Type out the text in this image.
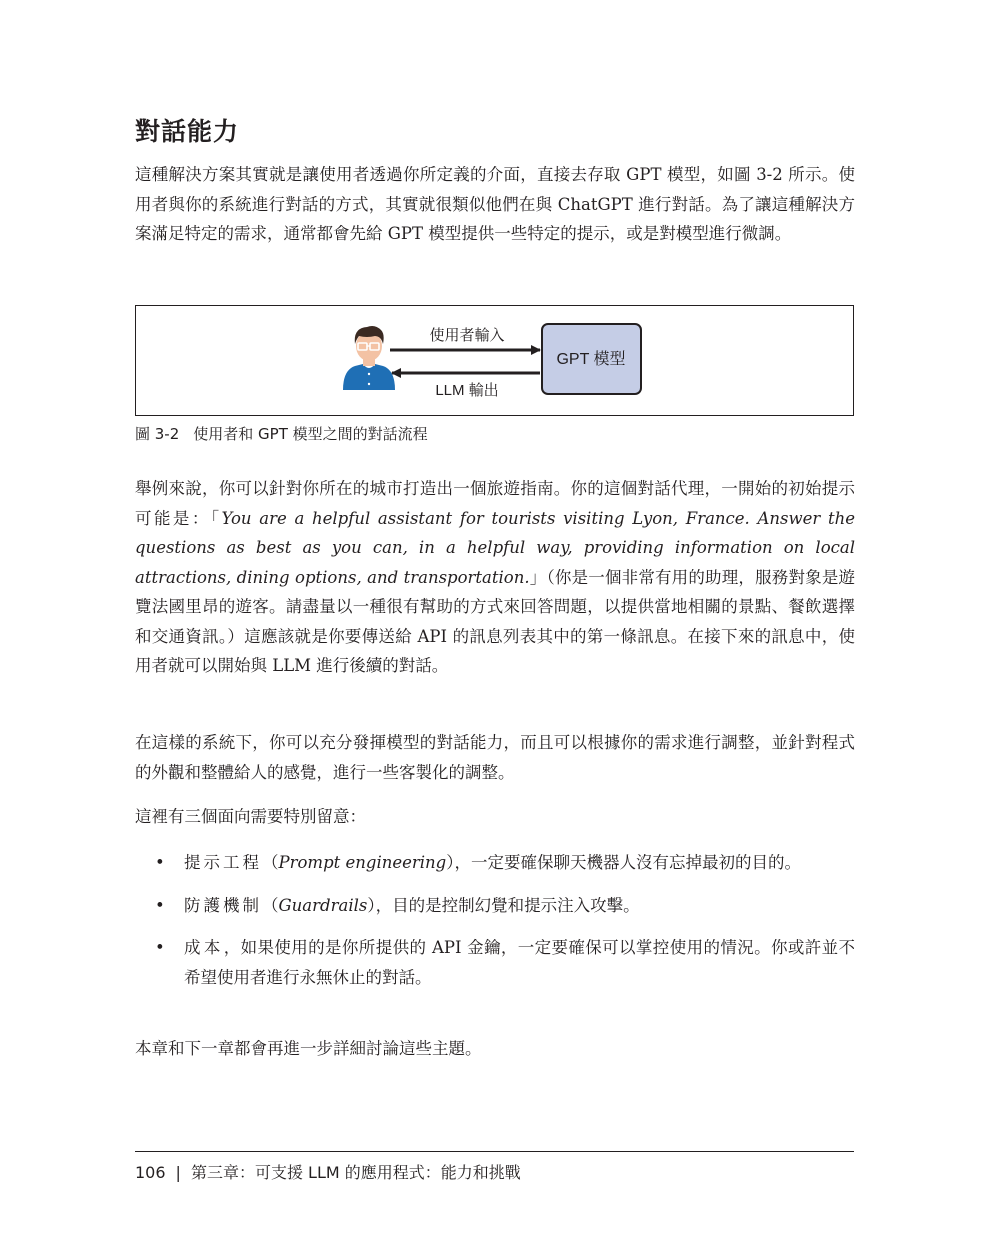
對話能力

這種解決方案其實就是讓使用者透過你所定義的介面，直接去存取 GPT 模型，如圖 3-2 所示。使用者與你的系統進行對話的方式，其實就很類似他們在與 ChatGPT 進行對話。為了讓這種解決方案滿足特定的需求，通常都會先給 GPT 模型提供一些特定的提示，或是對模型進行微調。

使用者輸入
LLM 輸出
GPT 模型
圖 3-2 使用者和 GPT 模型之間的對話流程

舉例來說，你可以針對你所在的城市打造出一個旅遊指南。你的這個對話代理，一開始的初始提示可能是：「You are a helpful assistant for tourists visiting Lyon, France. Answer the questions as best as you can, in a helpful way, providing information on local attractions, dining options, and transportation.」（你是一個非常有用的助理，服務對象是遊覽法國里昂的遊客。請盡量以一種很有幫助的方式來回答問題，以提供當地相關的景點、餐飲選擇和交通資訊。）這應該就是你要傳送給 API 的訊息列表其中的第一條訊息。在接下來的訊息中，使用者就可以開始與 LLM 進行後續的對話。

在這樣的系統下，你可以充分發揮模型的對話能力，而且可以根據你的需求進行調整，並針對程式的外觀和整體給人的感覺，進行一些客製化的調整。

這裡有三個面向需要特別留意：

• 提示工程（Prompt engineering），一定要確保聊天機器人沒有忘掉最初的目的。
• 防護機制（Guardrails），目的是控制幻覺和提示注入攻擊。
• 成本，如果使用的是你所提供的 API 金鑰，一定要確保可以掌控使用的情況。你或許並不希望使用者進行永無休止的對話。

本章和下一章都會再進一步詳細討論這些主題。

106 | 第三章：可支援 LLM 的應用程式：能力和挑戰
